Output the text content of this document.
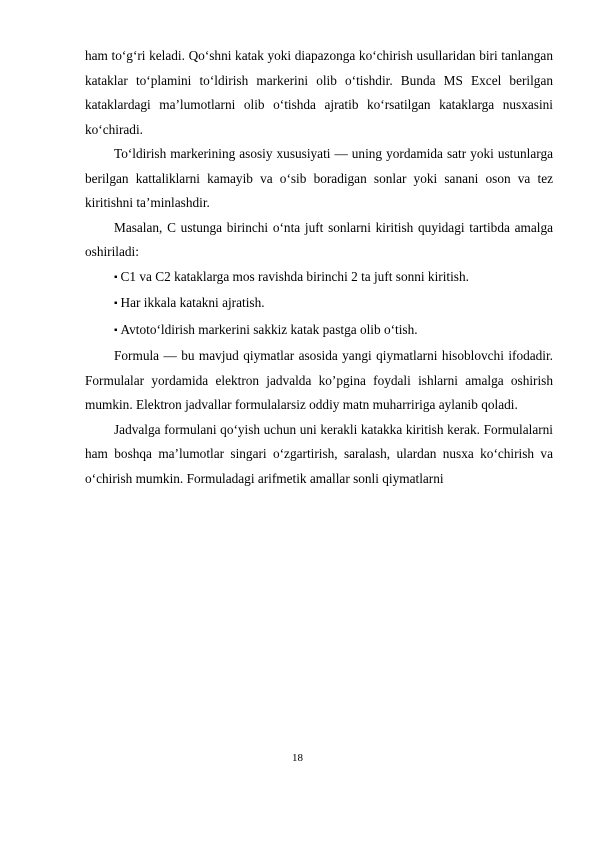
ham to‘g‘ri keladi. Qo‘shni katak yoki diapazonga ko‘chirish usullaridan biri tanlangan kataklar to‘plamini to‘ldirish markerini olib o‘tishdir. Bunda MS Excel berilgan kataklardagi ma’lumotlarni olib o‘tishda ajratib ko‘rsatilgan kataklarga nusxasini ko‘chiradi.

To‘ldirish markerining asosiy xususiyati — uning yordamida satr yoki ustunlarga berilgan kattaliklarni kamayib va o‘sib boradigan sonlar yoki sanani oson va tez kiritishni ta’minlashdir.

Masalan, C ustunga birinchi o‘nta juft sonlarni kiritish quyidagi tartibda amalga oshiriladi:

▪ C1 va C2 kataklarga mos ravishda birinchi 2 ta juft sonni kiritish.

▪ Har ikkala katakni ajratish.

▪ Avtoto‘ldirish markerini sakkiz katak pastga olib o‘tish.

Formula — bu mavjud qiymatlar asosida yangi qiymatlarni hisoblovchi ifodadir. Formulalar yordamida elektron jadvalda ko’pgina foydali ishlarni amalga oshirish mumkin. Elektron jadvallar formulalarsiz oddiy matn muharririga aylanib qoladi.

Jadvalga formulani qo‘yish uchun uni kerakli katakka kiritish kerak. Formulalarni ham boshqa ma’lumotlar singari o‘zgartirish, saralash, ulardan nusxa ko‘chirish va o‘chirish mumkin. Formuladagi arifmetik amallar sonli qiymatlarni

18
